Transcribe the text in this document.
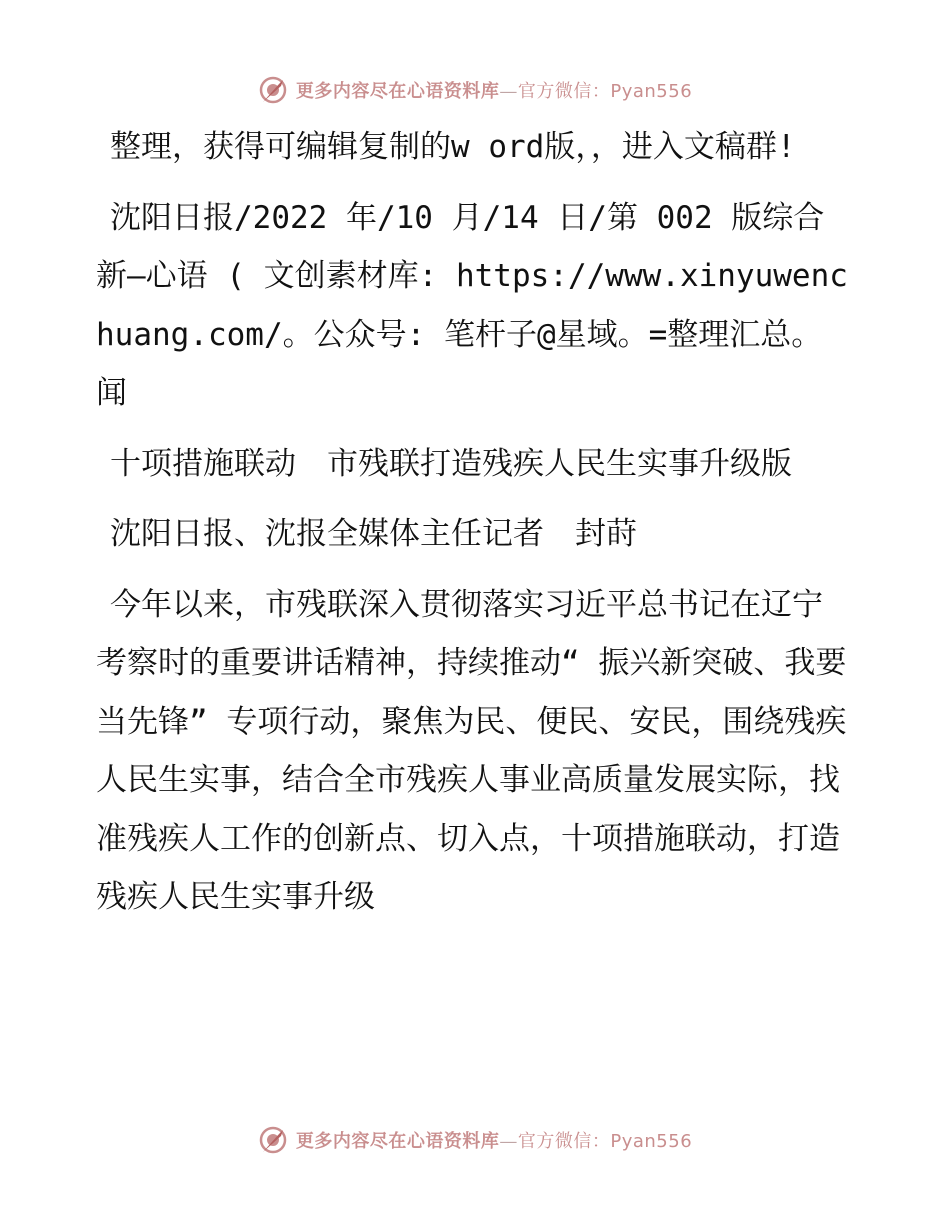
更多内容尽在心语资料库—官方微信：Pyan556

整理，获得可编辑复制的w ord版，，进入文稿群!

沈阳日报/2022 年/10 月/14 日/第 002 版综合新—心语 ( 文创素材库: https://www.xinyuwenchuang.com/。公众号: 笔杆子@星域。=整理汇总。闻

十项措施联动　市残联打造残疾人民生实事升级版

沈阳日报、沈报全媒体主任记者　封莳

今年以来，市残联深入贯彻落实习近平总书记在辽宁考察时的重要讲话精神，持续推动“ 振兴新突破、我要当先锋” 专项行动，聚焦为民、便民、安民，围绕残疾人民生实事，结合全市残疾人事业高质量发展实际，找准残疾人工作的创新点、切入点，十项措施联动，打造残疾人民生实事升级

更多内容尽在心语资料库—官方微信：Pyan556
